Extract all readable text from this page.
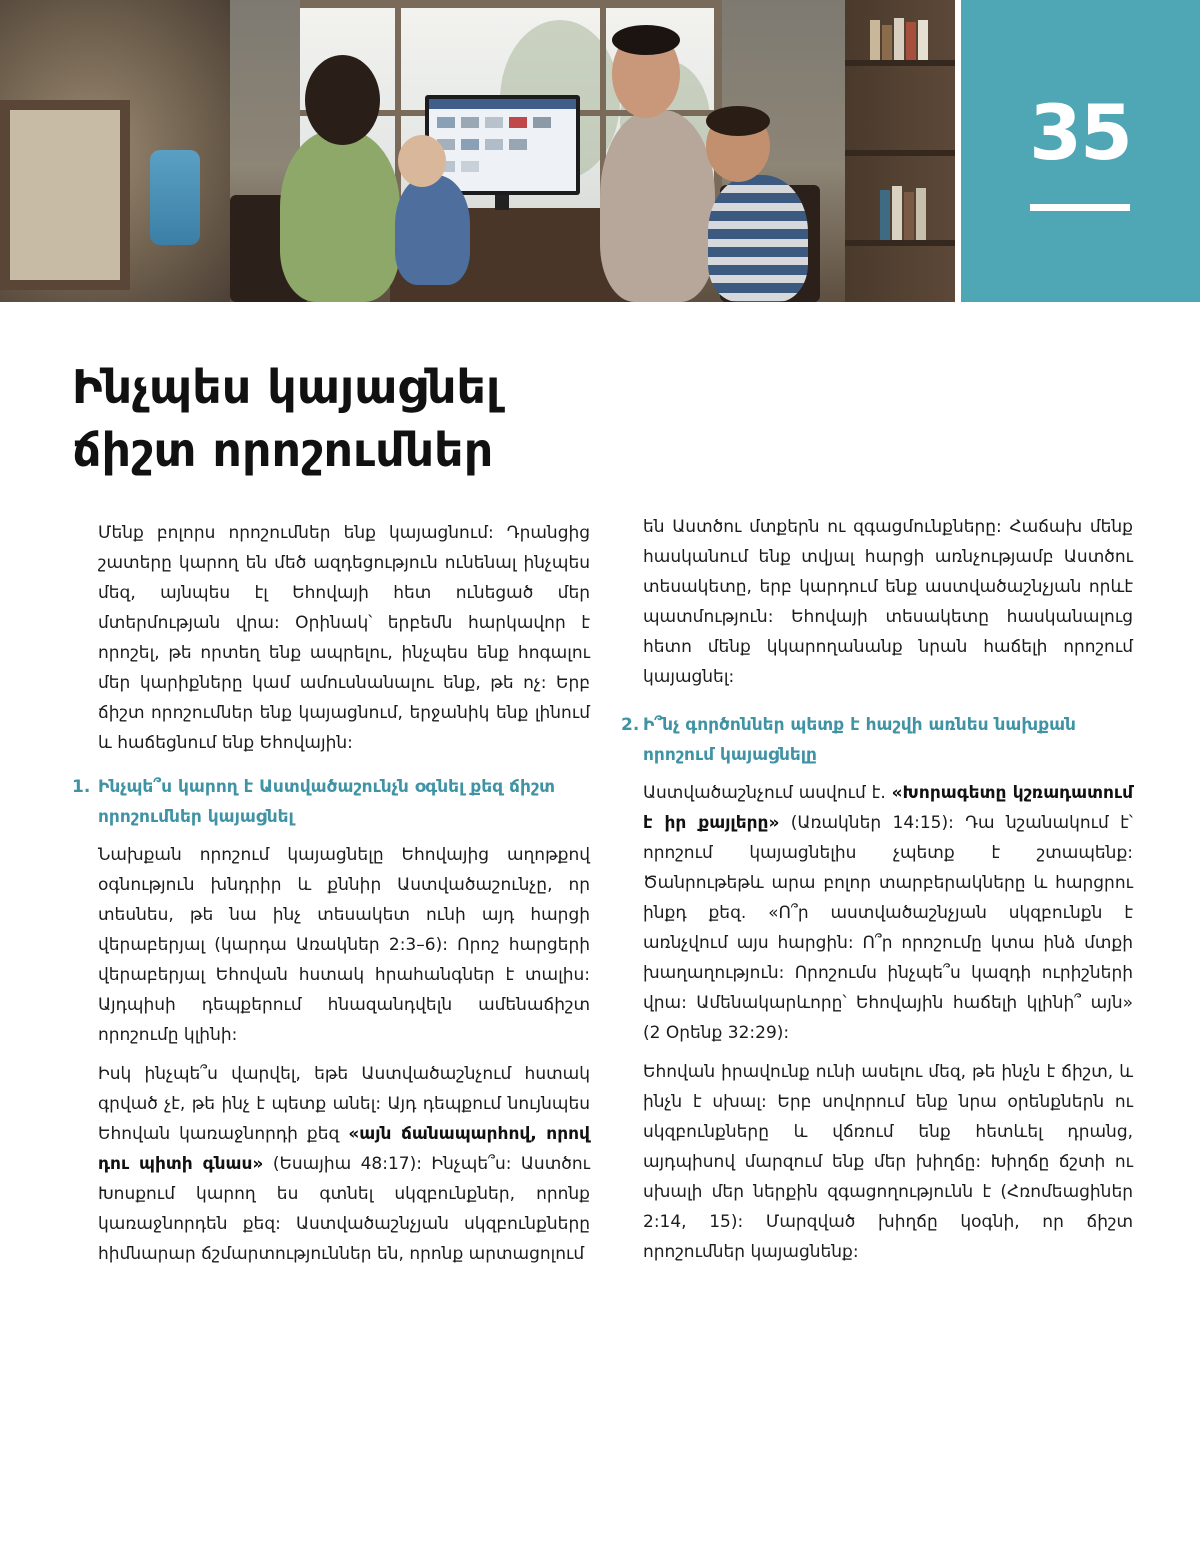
35
Ինչպես կայացնել
ճիշտ որոշումներ

Մենք բոլորս որոշումներ ենք կայացնում: Դրանցից շատերը կարող են մեծ ազդեցություն ունենալ ինչպես մեզ, այնպես էլ Եհովայի հետ ունեցած մեր մտերմության վրա: Օրինակ՝ երբեմն հարկավոր է որոշել, թե որտեղ ենք ապրելու, ինչպես ենք հոգալու մեր կարիքները կամ ամուսնանալու ենք, թե ոչ: Երբ ճիշտ որոշումներ ենք կայացնում, երջանիկ ենք լինում և հաճեցնում ենք Եհովային:

1. Ինչպե՞ս կարող է Աստվածաշունչն օգնել քեզ ճիշտ որոշումներ կայացնել

Նախքան որոշում կայացնելը Եհովայից աղոթքով օգնություն խնդրիր և քննիր Աստվածաշունչը, որ տեսնես, թե նա ինչ տեսակետ ունի այդ հարցի վերաբերյալ (կարդա Առակներ 2:3–6): Որոշ հարցերի վերաբերյալ Եհովան հստակ հրահանգներ է տալիս: Այդպիսի դեպքերում հնազանդվելն ամենաճիշտ որոշումը կլինի:

Իսկ ինչպե՞ս վարվել, եթե Աստվածաշնչում հստակ գրված չէ, թե ինչ է պետք անել: Այդ դեպքում նույնպես Եհովան կառաջնորդի քեզ «այն ճանապարհով, որով դու պիտի գնաս» (Եսայիա 48:17): Ինչպե՞ս: Աստծու Խոսքում կարող ես գտնել սկզբունքներ, որոնք կառաջնորդեն քեզ: Աստվածաշնչյան սկզբունքները հիմնարար ճշմարտություններ են, որոնք արտացոլում

են Աստծու մտքերն ու զգացմունքները: Հաճախ մենք հասկանում ենք տվյալ հարցի առնչությամբ Աստծու տեսակետը, երբ կարդում ենք աստվածաշնչյան որևէ պատմություն: Եհովայի տեսակետը հասկանալուց հետո մենք կկարողանանք նրան հաճելի որոշում կայացնել:

2. Ի՞նչ գործոններ պետք է հաշվի առնես նախքան որոշում կայացնելը

Աստվածաշնչում ասվում է. «Խորագետը կշռադատում է իր քայլերը» (Առակներ 14:15): Դա նշանակում է՝ որոշում կայացնելիս չպետք է շտապենք: Ծանրութեթև արա բոլոր տարբերակները և հարցրու ինքդ քեզ. «Ո՞ր աստվածաշնչյան սկզբունքն է առնչվում այս հարցին: Ո՞ր որոշումը կտա ինձ մտքի խաղաղություն: Որոշումս ինչպե՞ս կազդի ուրիշների վրա: Ամենակարևորը՝ Եհովային հաճելի կլինի՞ այն» (2 Օրենք 32:29):

Եհովան իրավունք ունի ասելու մեզ, թե ինչն է ճիշտ, և ինչն է սխալ: Երբ սովորում ենք նրա օրենքներն ու սկզբունքները և վճռում ենք հետևել դրանց, այդպիսով մարզում ենք մեր խիղճը: Խիղճը ճշտի ու սխալի մեր ներքին զգացողությունն է (Հռոմեացիներ 2:14, 15): Մարզված խիղճը կօգնի, որ ճիշտ որոշումներ կայացնենք:
